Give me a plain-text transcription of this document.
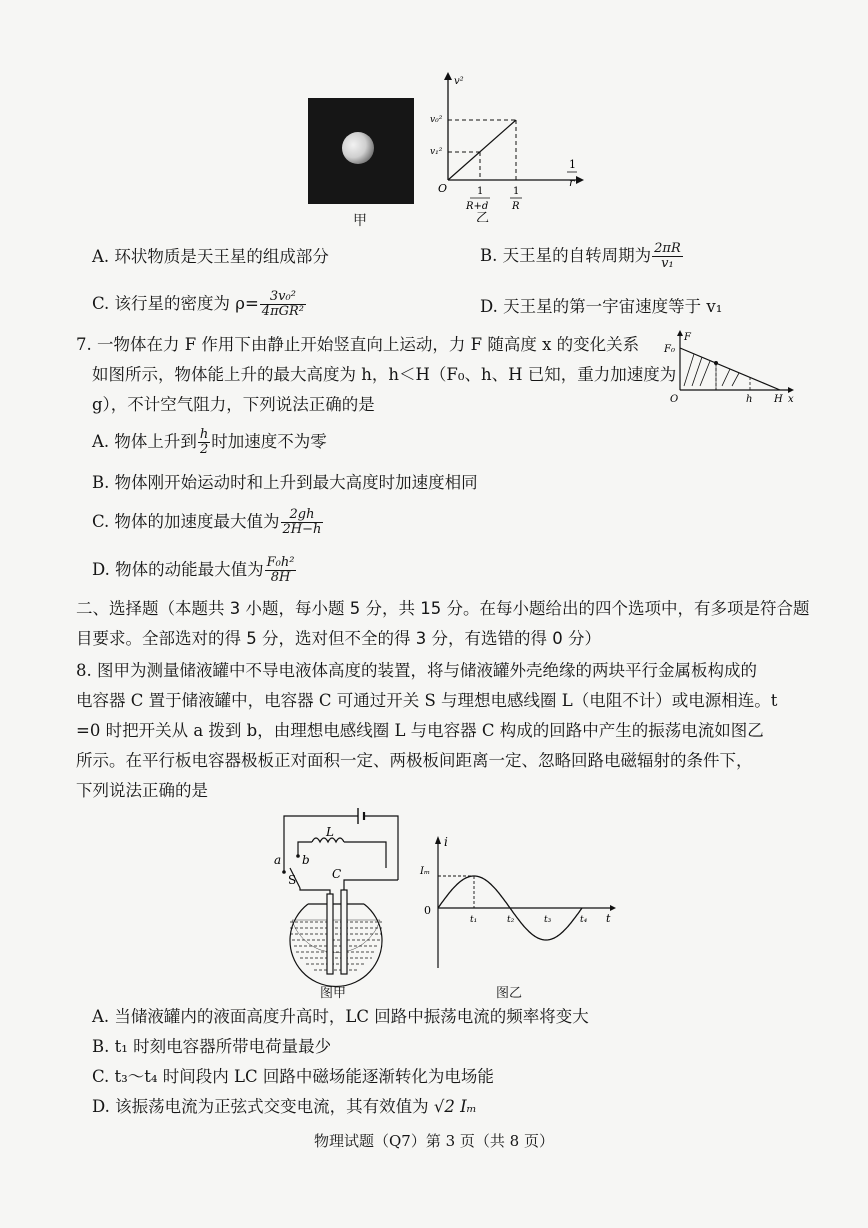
甲
v²
v₀²
v₁²
O	1
R+d
1
R
1
r
乙
A. 环状物质是天王星的组成部分	B. 天王星的自转周期为 $\frac{2\pi R}{\text{v₁}}$
C. 该行星的密度为 $\rho= \frac{\text{3v₀²}}{\text{4πGR²}}$	D. 天王星的第一宇宙速度等于 v₁
7. 一物体在力 F 作用下由静止开始竖直向上运动，力 F 随高度 x 的变化关系
如图所示，物体能上升的最大高度为 h，h＜H（F₀、h、H 已知，重力加速度为
g），不计空气阻力，下列说法正确的是
F
F₀
O	h H x
A. 物体上升到 $\frac{h}{2}$ 时加速度不为零
B. 物体刚开始运动时和上升到最大高度时加速度相同
C. 物体的加速度最大值为 $\frac{2gh}{2H-h}$
D. 物体的动能最大值为 $\frac{\text{F₀h²}}{8H}$
二、选择题（本题共 3 小题，每小题 5 分，共 15 分。在每小题给出的四个选项中，有多项是符合题
目要求。全部选对的得 5 分，选对但不全的得 3 分，有选错的得 0 分）
8. 图甲为测量储液罐中不导电液体高度的装置，将与储液罐外壳绝缘的两块平行金属板构成的
电容器 C 置于储液罐中，电容器 C 可通过开关 S 与理想电感线圈 L（电阻不计）或电源相连。t
=0 时把开关从 a 拨到 b，由理想电感线圈 L 与电容器 C 构成的回路中产生的振荡电流如图乙
所示。在平行板电容器极板正对面积一定、两极板间距离一定、忽略回路电磁辐射的条件下，
下列说法正确的是
L
a b
S	C
图甲
i
Iₘ
0
t₁	t₂	t₃	t₄ t
图乙
A. 当储液罐内的液面高度升高时，LC 回路中振荡电流的频率将变大
B. t₁ 时刻电容器所带电荷量最少
C. t₃～t₄ 时间段内 LC 回路中磁场能逐渐转化为电场能
D. 该振荡电流为正弦式交变电流，其有效值为 √2 Iₘ
物理试题（Q7）第 3 页（共 8 页）
